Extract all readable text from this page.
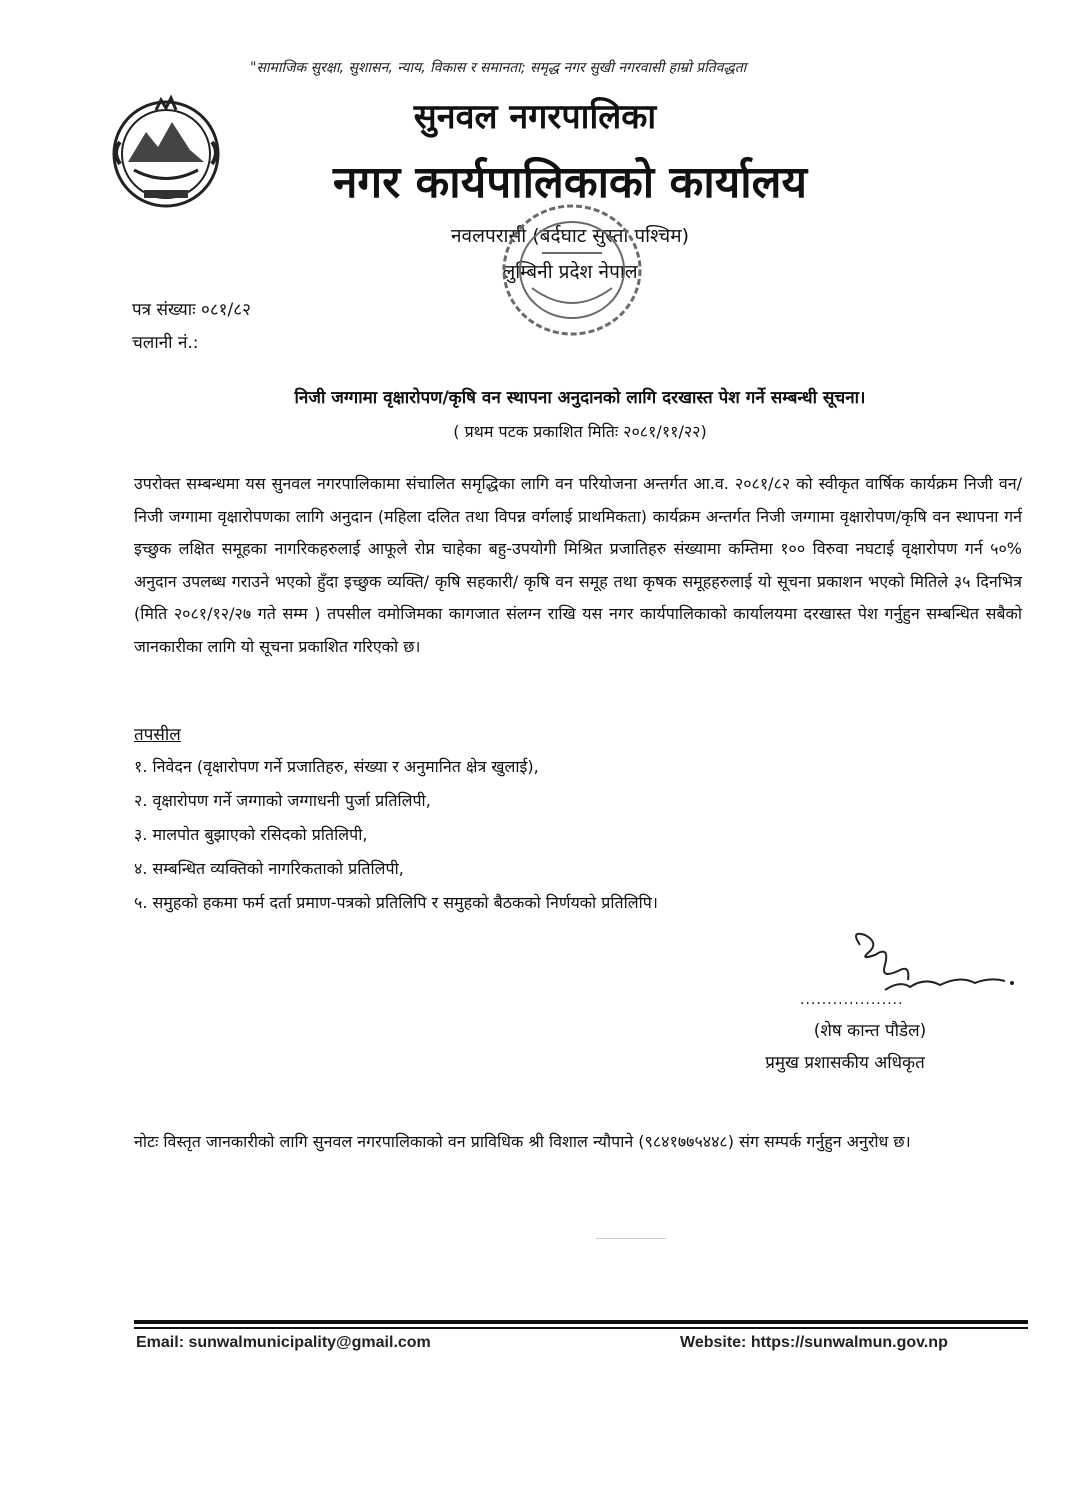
"सामाजिक सुरक्षा, सुशासन, न्याय, विकास र समानता; समृद्ध नगर सुखी नगरवासी हाम्रो प्रतिवद्धता
सुनवल नगरपालिका
नगर कार्यपालिकाको कार्यालय
नवलपरासी (बर्दघाट सुस्ता पश्चिम)
लुम्बिनी प्रदेश नेपाल
पत्र संख्याः ०८१/८२
चलानी नं.:
निजी जग्गामा वृक्षारोपण/कृषि वन स्थापना अनुदानको लागि दरखास्त पेश गर्ने सम्बन्धी सूचना।
( प्रथम पटक प्रकाशित मितिः २०८१/११/२२)
उपरोक्त सम्बन्धमा यस सुनवल नगरपालिकामा संचालित समृद्धिका लागि वन परियोजना अन्तर्गत आ.व. २०८१/८२ को स्वीकृत वार्षिक कार्यक्रम निजी वन/निजी जग्गामा वृक्षारोपणका लागि अनुदान (महिला दलित तथा विपन्न वर्गलाई प्राथमिकता) कार्यक्रम अन्तर्गत निजी जग्गामा वृक्षारोपण/कृषि वन स्थापना गर्न इच्छुक लक्षित समूहका नागरिकहरुलाई आफूले रोप्न चाहेका बहु-उपयोगी मिश्रित प्रजातिहरु संख्यामा कम्तिमा १०० विरुवा नघटाई वृक्षारोपण गर्न ५०% अनुदान उपलब्ध गराउने भएको हुँदा इच्छुक व्यक्ति/ कृषि सहकारी/ कृषि वन समूह तथा कृषक समूहहरुलाई यो सूचना प्रकाशन भएको मितिले ३५ दिनभित्र (मिति २०८१/१२/२७ गते सम्म ) तपसील वमोजिमका कागजात संलग्न राखि यस नगर कार्यपालिकाको कार्यालयमा दरखास्त पेश गर्नुहुन सम्बन्धित सबैको जानकारीका लागि यो सूचना प्रकाशित गरिएको छ।
तपसील
१. निवेदन (वृक्षारोपण गर्ने प्रजातिहरु, संख्या र अनुमानित क्षेत्र खुलाई),
२. वृक्षारोपण गर्ने जग्गाको जग्गाधनी पुर्जा प्रतिलिपी,
३. मालपोत बुझाएको रसिदको प्रतिलिपी,
४. सम्बन्धित व्यक्तिको नागरिकताको प्रतिलिपी,
५. समुहको हकमा फर्म दर्ता प्रमाण-पत्रको प्रतिलिपि र समुहको बैठकको निर्णयको प्रतिलिपि।
...................
(शेष कान्त पौडेल)
प्रमुख प्रशासकीय अधिकृत
नोटः विस्तृत जानकारीको लागि सुनवल नगरपालिकाको वन प्राविधिक श्री विशाल न्यौपाने (९८४१७७५४४८) संग सम्पर्क गर्नुहुन अनुरोध छ।
Email: sunwalmunicipality@gmail.com	Website: https://sunwalmun.gov.np
